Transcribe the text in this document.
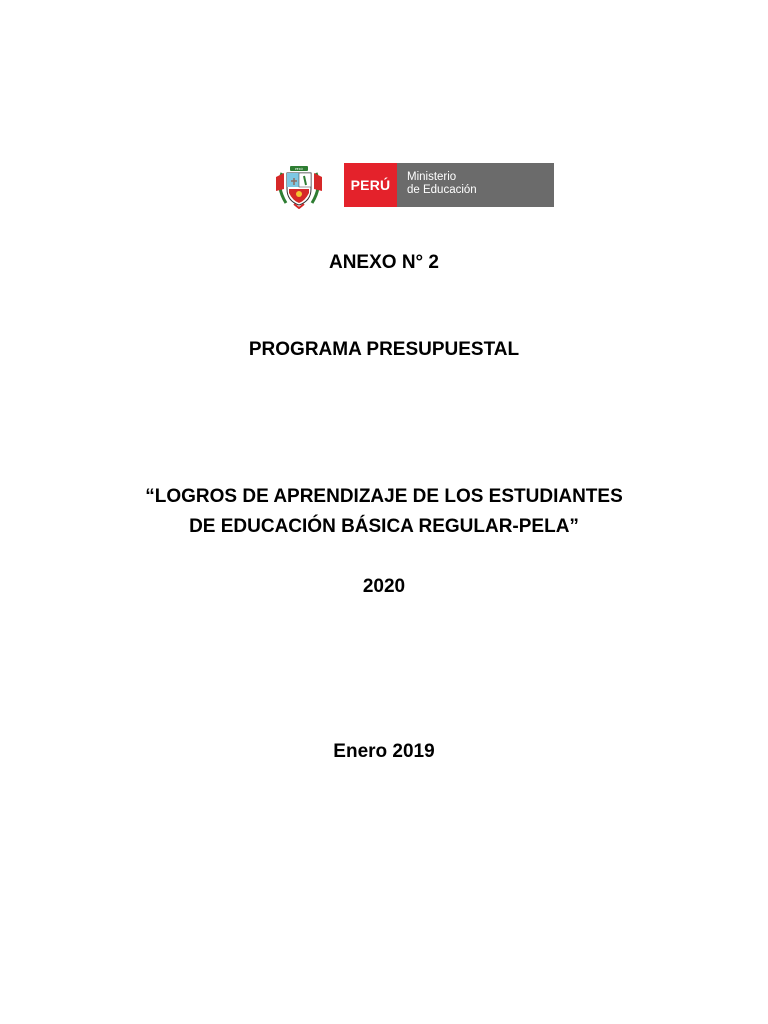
PERÚ
PERÚ	Ministerio
de Educación
ANEXO N° 2
PROGRAMA PRESUPUESTAL
“LOGROS DE APRENDIZAJE DE LOS ESTUDIANTES
DE EDUCACIÓN BÁSICA REGULAR-PELA”
2020
Enero 2019
